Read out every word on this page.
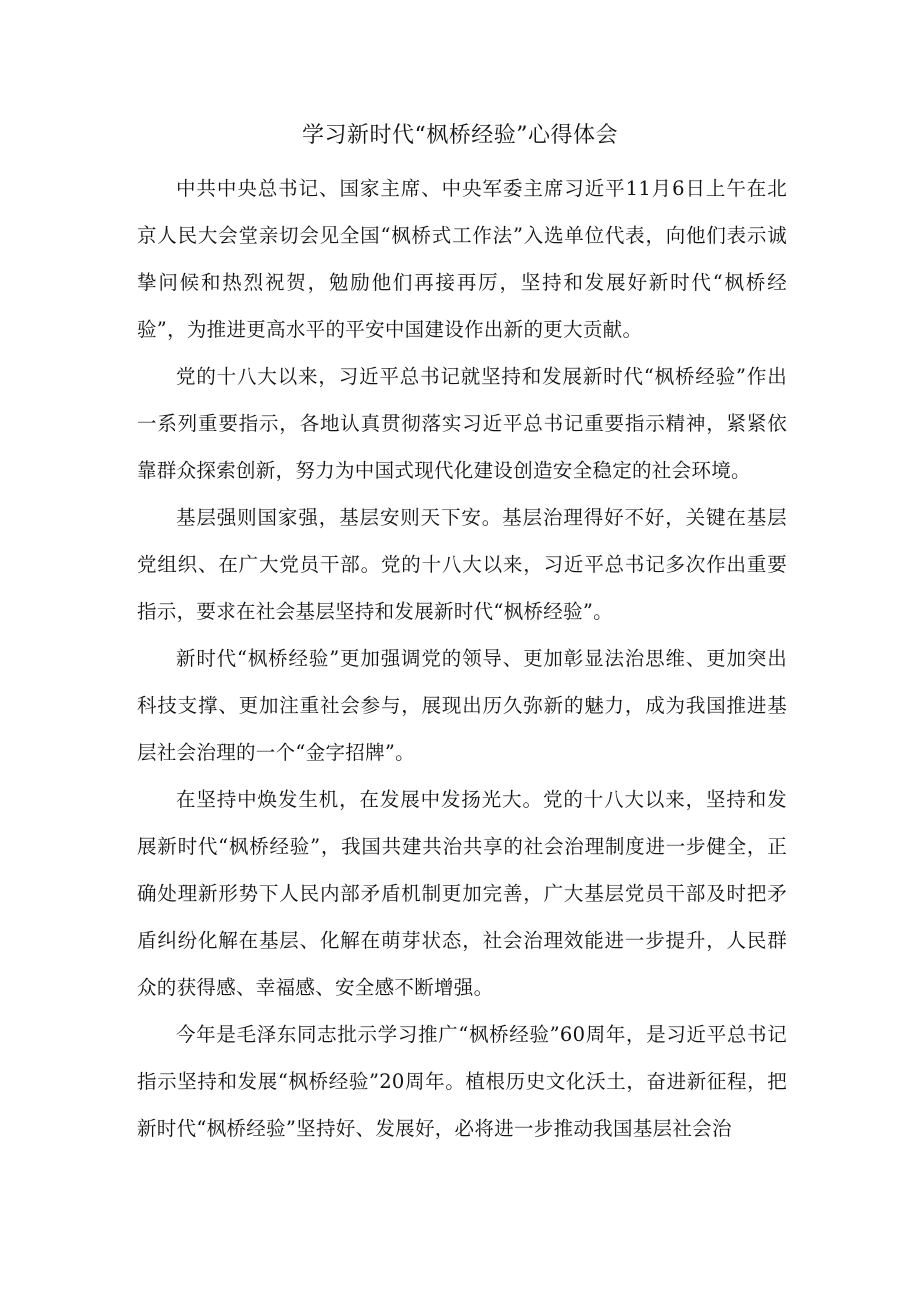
学习新时代“枫桥经验”心得体会

中共中央总书记、国家主席、中央军委主席习近平11月6日上午在北京人民大会堂亲切会见全国“枫桥式工作法”入选单位代表，向他们表示诚挚问候和热烈祝贺，勉励他们再接再厉，坚持和发展好新时代“枫桥经验”，为推进更高水平的平安中国建设作出新的更大贡献。

党的十八大以来，习近平总书记就坚持和发展新时代“枫桥经验”作出一系列重要指示，各地认真贯彻落实习近平总书记重要指示精神，紧紧依靠群众探索创新，努力为中国式现代化建设创造安全稳定的社会环境。

基层强则国家强，基层安则天下安。基层治理得好不好，关键在基层党组织、在广大党员干部。党的十八大以来，习近平总书记多次作出重要指示，要求在社会基层坚持和发展新时代“枫桥经验”。

新时代“枫桥经验”更加强调党的领导、更加彰显法治思维、更加突出科技支撑、更加注重社会参与，展现出历久弥新的魅力，成为我国推进基层社会治理的一个“金字招牌”。

在坚持中焕发生机，在发展中发扬光大。党的十八大以来，坚持和发展新时代“枫桥经验”，我国共建共治共享的社会治理制度进一步健全，正确处理新形势下人民内部矛盾机制更加完善，广大基层党员干部及时把矛盾纠纷化解在基层、化解在萌芽状态，社会治理效能进一步提升，人民群众的获得感、幸福感、安全感不断增强。

今年是毛泽东同志批示学习推广“枫桥经验”60周年，是习近平总书记指示坚持和发展“枫桥经验”20周年。植根历史文化沃土，奋进新征程，把新时代“枫桥经验”坚持好、发展好，必将进一步推动我国基层社会治
